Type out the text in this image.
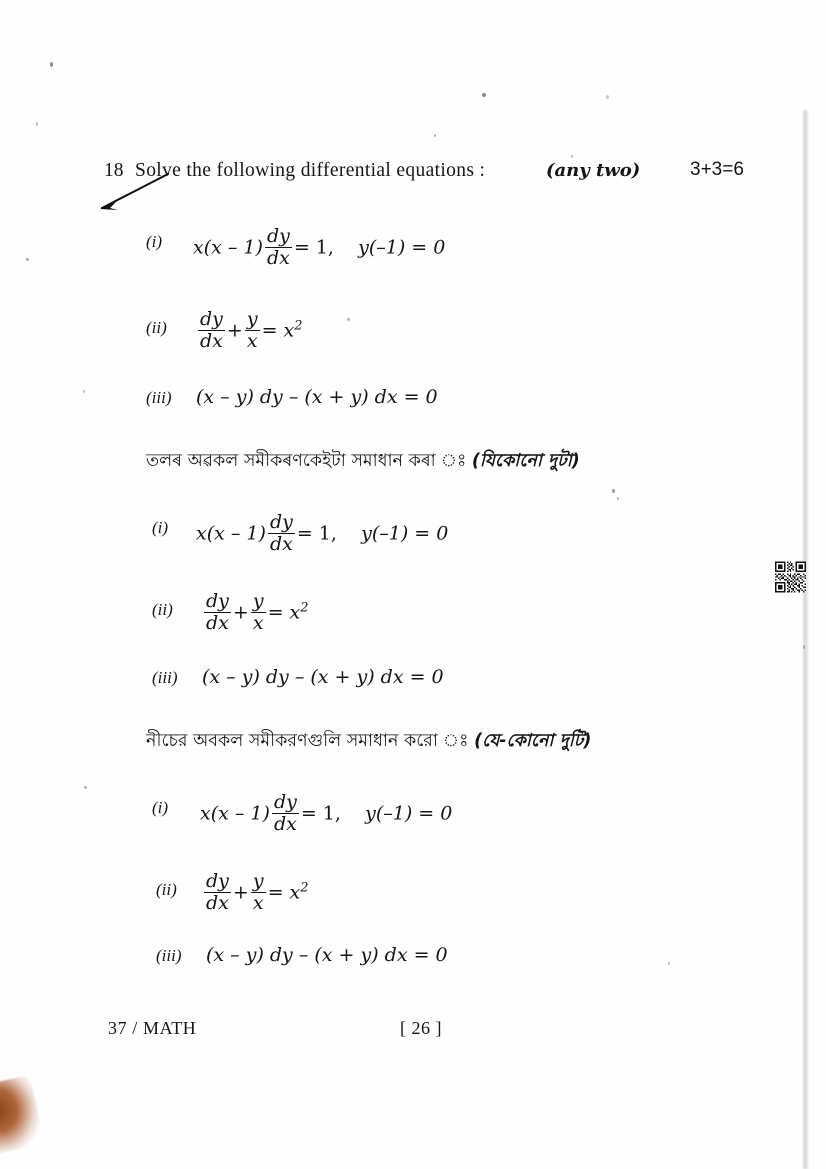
18 Solve the following differential equations :	(any two)	3+3=6
(i) $x(x - 1) \frac{dy}{dx} = 1$, y(–1) = 0
$(ii) \frac{dy}{dx} + \frac{y}{x} = x^2$
(iii) (x – y) dy – (x + y) dx = 0
তলৰ অৱকল সমীকৰণকেইটা সমাধান কৰা ঃ (যিকোনো দুটা)
(i) $x(x - 1) \frac{dy}{dx} = 1$, y(–1) = 0
$(ii) \frac{dy}{dx} + \frac{y}{x} = x^2$
(iii) (x – y) dy – (x + y) dx = 0
নীচের অবকল সমীকরণগুলি সমাধান করো ঃ (যে-কোনো দুটি)
(i) $x(x - 1) \frac{dy}{dx} = 1$, y(–1) = 0
$(ii) \frac{dy}{dx} + \frac{y}{x} = x^2$
(iii) (x – y) dy – (x + y) dx = 0
37 / MATH	[ 26 ]
